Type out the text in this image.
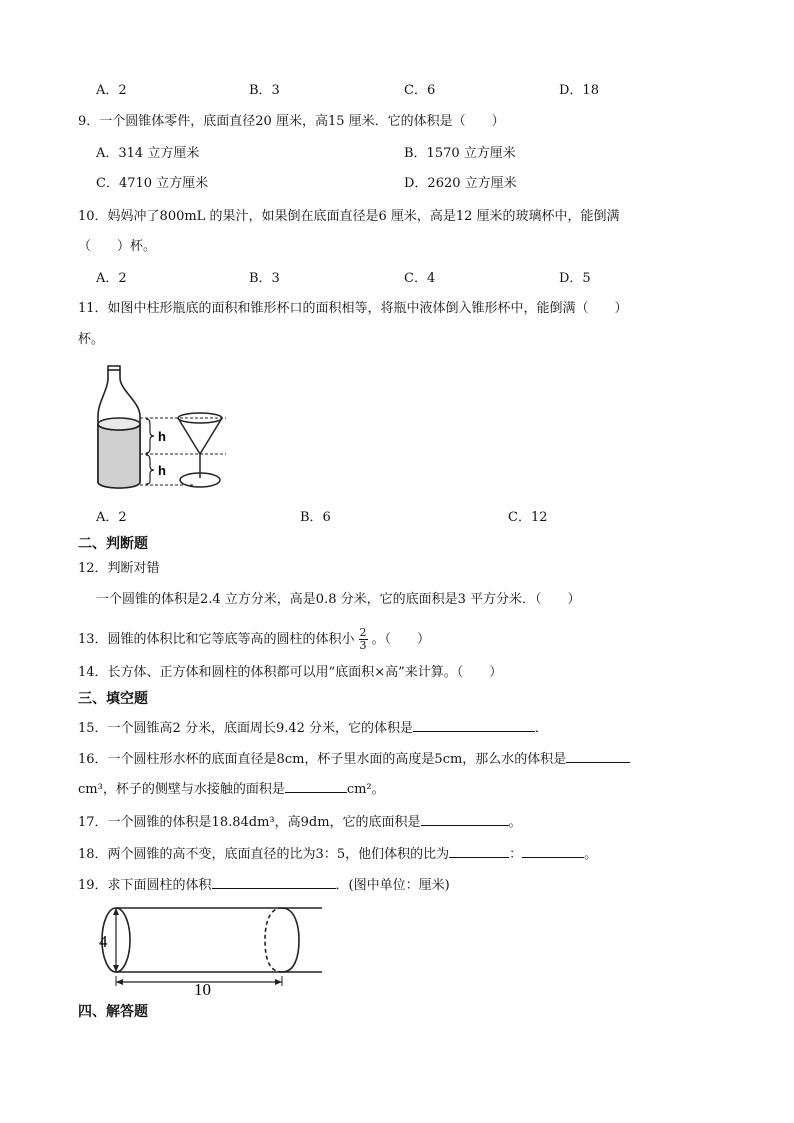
A．2	B．3	C．6	D．18
9．一个圆锥体零件，底面直径20 厘米，高15 厘米．它的体积是（　　）
A．314 立方厘米	B．1570 立方厘米
C．4710 立方厘米	D．2620 立方厘米
10．妈妈冲了800mL 的果汁，如果倒在底面直径是6 厘米，高是12 厘米的玻璃杯中，能倒满
（　　）杯。
A．2	B．3	C．4	D．5
11．如图中柱形瓶底的面积和锥形杯口的面积相等，将瓶中液体倒入锥形杯中，能倒满（　　）
杯。
h
h
A．2	B．6	C．12
二、判断题
12．判断对错
一个圆锥的体积是2.4 立方分米，高是0.8 分米，它的底面积是3 平方分米．（　　）
13．圆锥的体积比和它等底等高的圆柱的体积小 $\frac{2}{3}$ 。（　　）
14．长方体、正方体和圆柱的体积都可以用“底面积×高”来计算。（　　）
三、填空题
15．一个圆锥高2 分米，底面周长9.42 分米，它的体积是	．
16．一个圆柱形水杯的底面直径是8cm，杯子里水面的高度是5cm，那么水的体积是
cm³，杯子的侧壁与水接触的面积是	cm²。
17．一个圆锥的体积是18.84dm³，高9dm，它的底面积是	。
18．两个圆锥的高不变，底面直径的比为3：5，他们体积的比为	：	。
19．求下面圆柱的体积	．(图中单位：厘米)
4
10
四、解答题
